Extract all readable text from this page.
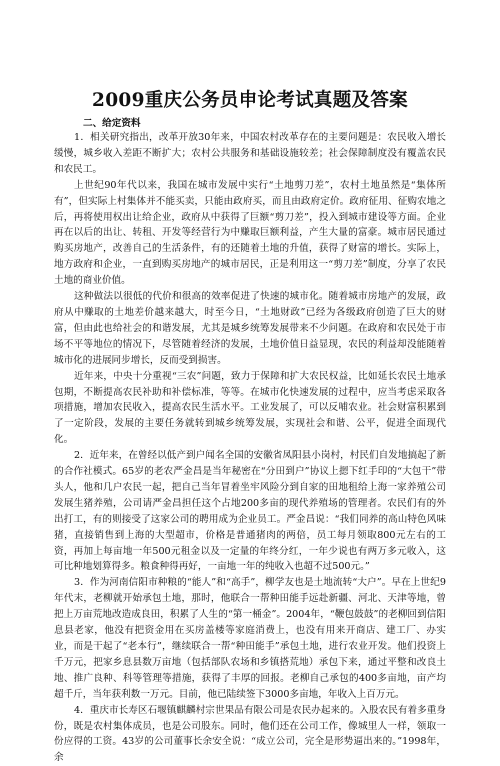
2009重庆公务员申论考试真题及答案
二、给定资料

1．相关研究指出，改革开放30年来，中国农村改革存在的主要问题是：农民收入增长缓慢，城乡收入差距不断扩大；农村公共服务和基础设施较差；社会保障制度没有覆盖农民和农民工。

上世纪90年代以来，我国在城市发展中实行“土地剪刀差”，农村土地虽然是“集体所有”，但实际上村集体并不能买卖，只能由政府买，而且由政府定价。政府征用、征购农地之后，再将使用权出让给企业，政府从中获得了巨额“剪刀差”，投入到城市建设等方面。企业再在以后的出让、转租、开发等经营行为中赚取巨额利益，产生大量的富豪。城市居民通过购买房地产，改善自己的生活条件，有的还随着土地的升值，获得了财富的增长。实际上，地方政府和企业，一直到购买房地产的城市居民，正是利用这一“剪刀差”制度，分享了农民土地的商业价值。

这种做法以很低的代价和很高的效率促进了快速的城市化。随着城市房地产的发展，政府从中赚取的土地差价越来越大，时至今日，“土地财政”已经为各级政府创造了巨大的财富，但由此也给社会的和谐发展，尤其是城乡统筹发展带来不少问题。在政府和农民处于市场不平等地位的情况下，尽管随着经济的发展，土地价值日益显现，农民的利益却没能随着城市化的进展同步增长，反而受到损害。

近年来，中央十分重视“三农”问题，致力于保障和扩大农民权益，比如延长农民土地承包期，不断提高农民补助和补偿标准，等等。在城市化快速发展的过程中，应当考虑采取各项措施，增加农民收入，提高农民生活水平。工业发展了，可以反哺农业。社会财富积累到了一定阶段，发展的主要任务就转到城乡统筹发展，实现社会和谐、公平，促进全面现代化。

2．近年来，在曾经以低产到户闻名全国的安徽省凤阳县小岗村，村民们自发地搞起了新的合作社模式。65岁的老农严金昌是当年秘密在“分田到户”协议上摁下红手印的“大包干”带头人，他和几户农民一起，把自己当年冒着坐牢风险分到自家的田地租给上海一家养殖公司发展生猪养殖，公司请严金昌担任这个占地200多亩的现代养殖场的管理者。农民们有的外出打工，有的则接受了这家公司的聘用成为企业员工。严金昌说：“我们同养的高山特色风味猪，直接销售到上海的大型超市，价格是普通猪肉的两倍，员工每月领取800元左右的工资，再加上每亩地一年500元租金以及一定量的年终分红，一年少说也有两万多元收入，这可比种地划算得多。粮食种得再好，一亩地一年的纯收入也超不过500元。”

3．作为河南信阳市种粮的“能人”和“高手”，柳学友也是土地流转“大户”。早在上世纪9年代末，老柳就开始承包土地，那时，他联合一帮种田能手远赴新疆、河北、天津等地，曾把上万亩荒地改造成良田，积累了人生的“第一桶金”。2004年，“鞭包鼓鼓”的老柳回到信阳息县老家，他没有把资金用在买房盖楼等家庭消费上，也没有用来开商店、建工厂、办实业，而是干起了“老本行”，继续联合一帮“种田能手”承包土地，进行农业开发。他们投资上千万元，把家乡息县数万亩地（包括部队农场和乡镇搭荒地）承包下来，通过平整和改良土地、推广良种、科等管理等措施，获得了丰厚的回报。老柳自己承包的400多亩地，亩产均超千斤，当年获利数一万元。目前，他已陆续签下3000多亩地，年收入上百万元。

4．重庆市长寿区石堰镇麒麟村宗世果品有限公司是农民办起来的。入股农民有着多重身份，既是农村集体成员，也是公司股东。同时，他们还在公司工作，像城里人一样，领取一份应得的工资。43岁的公司董事长余安全说：“成立公司，完全是形势逼出来的。”1998年，余
